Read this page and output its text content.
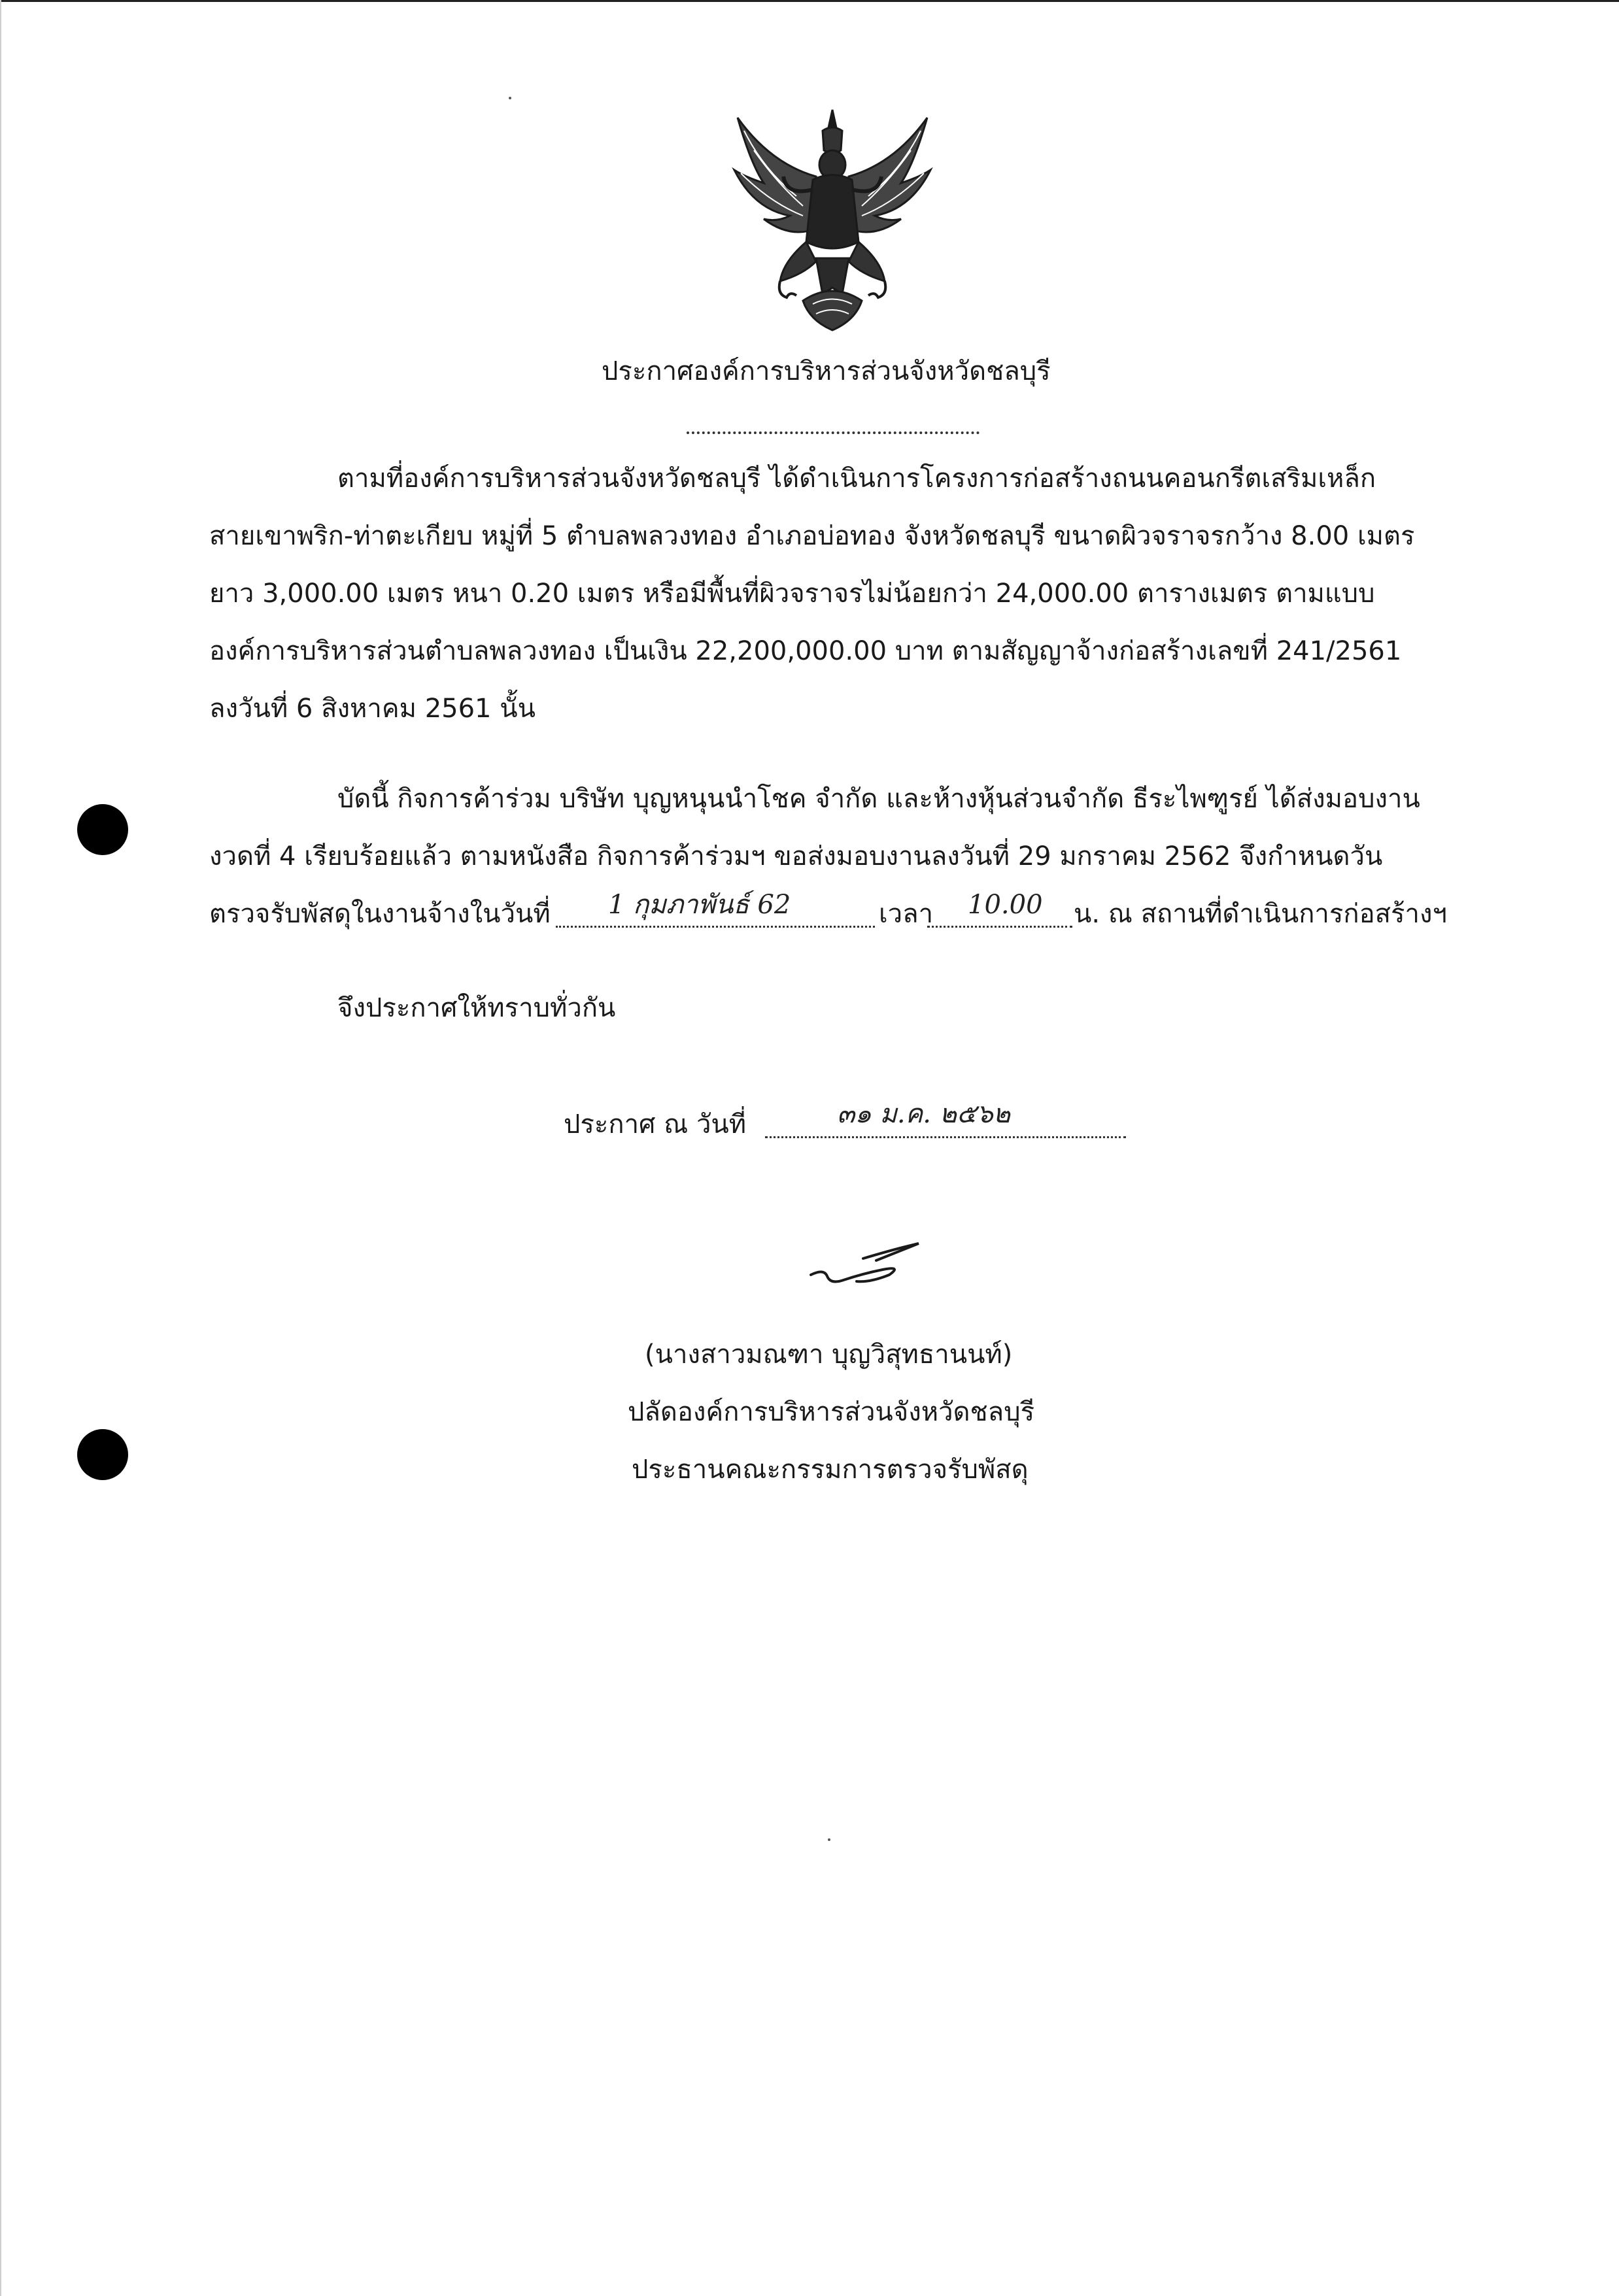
ประกาศองค์การบริหารส่วนจังหวัดชลบุรี
ตามที่องค์การบริหารส่วนจังหวัดชลบุรี ได้ดำเนินการโครงการก่อสร้างถนนคอนกรีตเสริมเหล็ก
สายเขาพริก-ท่าตะเกียบ หมู่ที่ 5 ตำบลพลวงทอง อำเภอบ่อทอง จังหวัดชลบุรี ขนาดผิวจราจรกว้าง 8.00 เมตร
ยาว 3,000.00 เมตร หนา 0.20 เมตร หรือมีพื้นที่ผิวจราจรไม่น้อยกว่า 24,000.00 ตารางเมตร ตามแบบ
องค์การบริหารส่วนตำบลพลวงทอง เป็นเงิน 22,200,000.00 บาท ตามสัญญาจ้างก่อสร้างเลขที่ 241/2561
ลงวันที่ 6 สิงหาคม 2561 นั้น
บัดนี้ กิจการค้าร่วม บริษัท บุญหนุนนำโชค จำกัด และห้างหุ้นส่วนจำกัด ธีระไพฑูรย์ ได้ส่งมอบงาน
งวดที่ 4 เรียบร้อยแล้ว ตามหนังสือ กิจการค้าร่วมฯ ขอส่งมอบงานลงวันที่ 29 มกราคม 2562 จึงกำหนดวัน
ตรวจรับพัสดุในงานจ้างในวันที่ 1 กุมภาพันธ์ 62	เวลา 10.00 น. ณ สถานที่ดำเนินการก่อสร้างฯ
จึงประกาศให้ทราบทั่วกัน
ประกาศ ณ วันที่	๓๑ ม.ค. ๒๕๖๒
(นางสาวมณฑา บุญวิสุทธานนท์)
ปลัดองค์การบริหารส่วนจังหวัดชลบุรี
ประธานคณะกรรมการตรวจรับพัสดุ
